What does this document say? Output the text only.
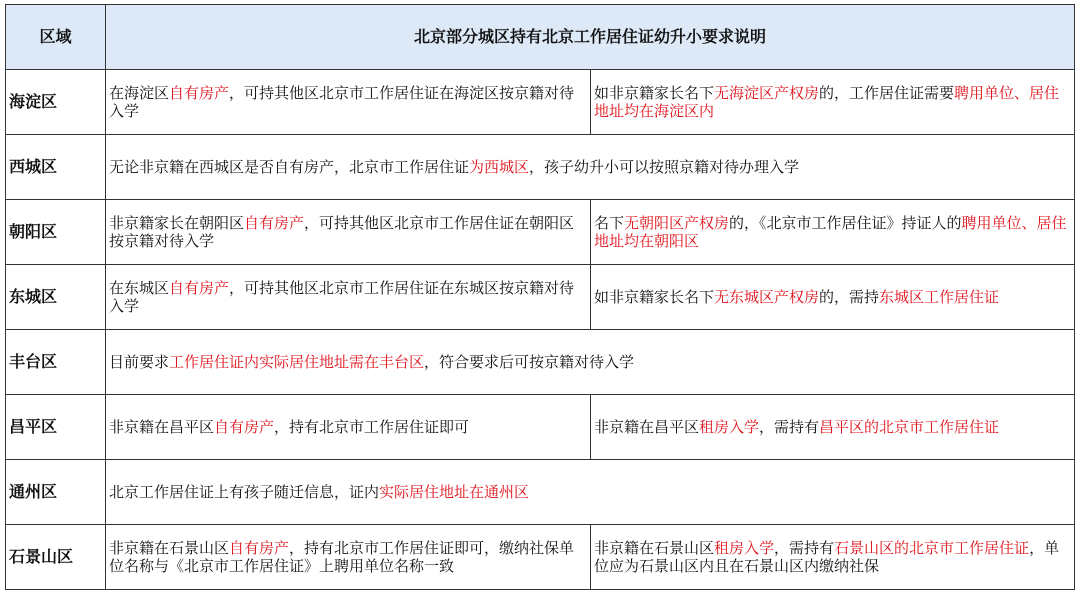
区域	北京部分城区持有北京工作居住证幼升小要求说明	
海淀区	在海淀区自有房产，可持其他区北京市工作居住证在海淀区按京籍对待入学	如非京籍家长名下无海淀区产权房的，工作居住证需要聘用单位、居住地址均在海淀区内
西城区	无论非京籍在西城区是否自有房产，北京市工作居住证为西城区，孩子幼升小可以按照京籍对待办理入学	
朝阳区	非京籍家长在朝阳区自有房产，可持其他区北京市工作居住证在朝阳区按京籍对待入学	名下无朝阳区产权房的，《北京市工作居住证》持证人的聘用单位、居住地址均在朝阳区
东城区	在东城区自有房产，可持其他区北京市工作居住证在东城区按京籍对待入学	如非京籍家长名下无东城区产权房的，需持东城区工作居住证
丰台区	目前要求工作居住证内实际居住地址需在丰台区，符合要求后可按京籍对待入学	
昌平区	非京籍在昌平区自有房产，持有北京市工作居住证即可	非京籍在昌平区租房入学，需持有昌平区的北京市工作居住证
通州区	北京工作居住证上有孩子随迁信息，证内实际居住地址在通州区	
石景山区	非京籍在石景山区自有房产，持有北京市工作居住证即可，缴纳社保单位名称与《北京市工作居住证》上聘用单位名称一致	非京籍在石景山区租房入学，需持有石景山区的北京市工作居住证，单位应为石景山区内且在石景山区内缴纳社保
